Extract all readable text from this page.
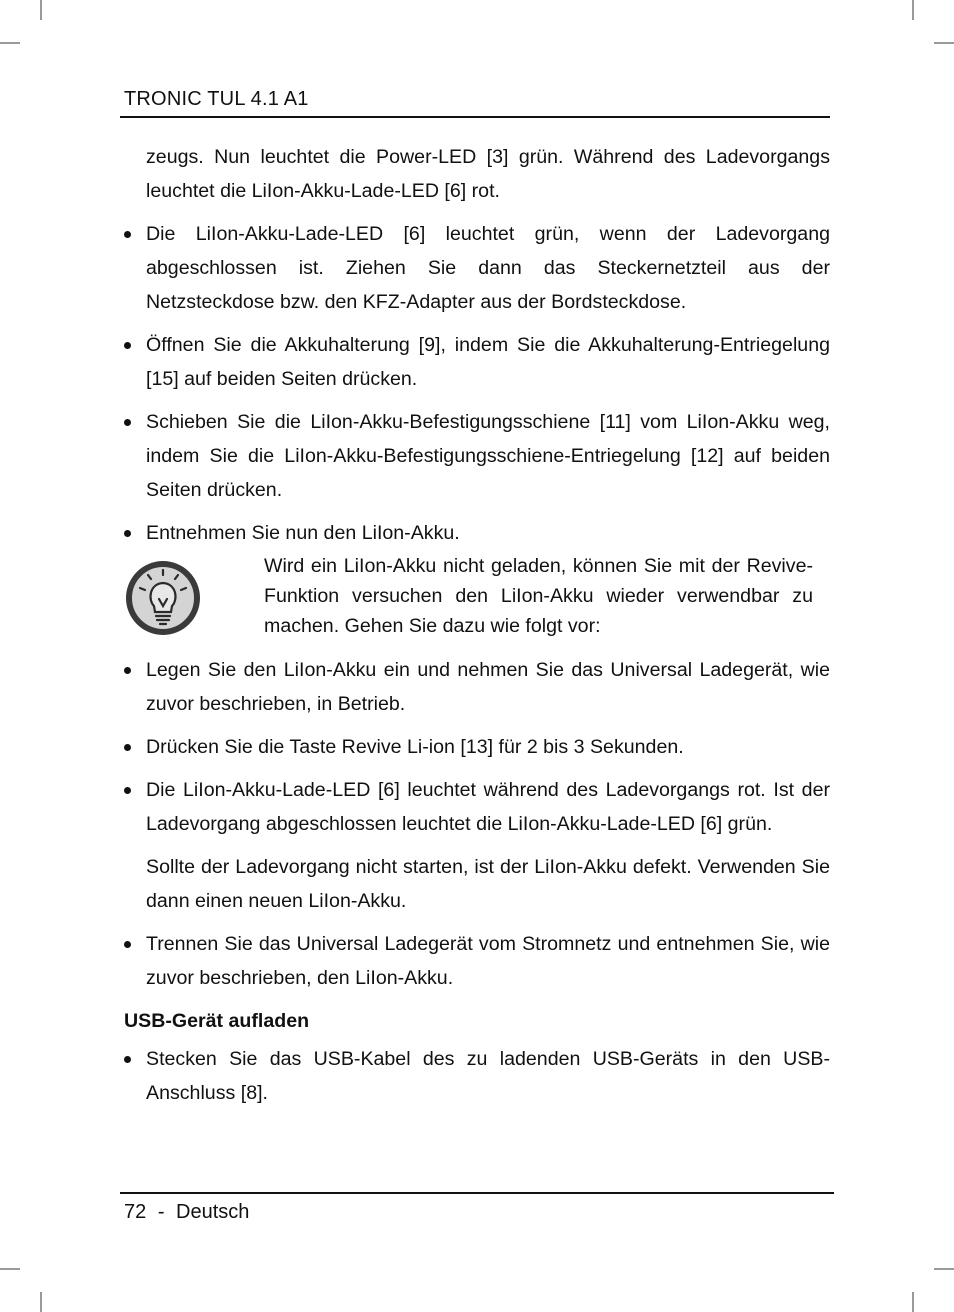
TRONIC TUL 4.1 A1

zeugs. Nun leuchtet die Power-LED [3] grün. Während des Ladevorgangs leuchtet die LiIon-Akku-Lade-LED [6] rot.

Die LiIon-Akku-Lade-LED [6] leuchtet grün, wenn der Ladevorgang abgeschlossen ist. Ziehen Sie dann das Steckernetzteil aus der Netzsteckdose bzw. den KFZ-Adapter aus der Bordsteckdose.
Öffnen Sie die Akkuhalterung [9], indem Sie die Akkuhalterung-Entriegelung [15] auf beiden Seiten drücken.
Schieben Sie die LiIon-Akku-Befestigungsschiene [11] vom LiIon-Akku weg, indem Sie die LiIon-Akku-Befestigungsschiene-Entriegelung [12] auf beiden Seiten drücken.
Entnehmen Sie nun den LiIon-Akku.
Wird ein LiIon-Akku nicht geladen, können Sie mit der Revive-Funktion versuchen den LiIon-Akku wieder verwendbar zu machen. Gehen Sie dazu wie folgt vor:
Legen Sie den LiIon-Akku ein und nehmen Sie das Universal Ladegerät, wie zuvor beschrieben, in Betrieb.
Drücken Sie die Taste Revive Li-ion [13] für 2 bis 3 Sekunden.
Die LiIon-Akku-Lade-LED [6] leuchtet während des Ladevorgangs rot. Ist der Ladevorgang abgeschlossen leuchtet die LiIon-Akku-Lade-LED [6] grün.

Sollte der Ladevorgang nicht starten, ist der LiIon-Akku defekt. Verwenden Sie dann einen neuen LiIon-Akku.

Trennen Sie das Universal Ladegerät vom Stromnetz und entnehmen Sie, wie zuvor beschrieben, den LiIon-Akku.
USB-Gerät aufladen
Stecken Sie das USB-Kabel des zu ladenden USB-Geräts in den USB-Anschluss [8].
72 - Deutsch
